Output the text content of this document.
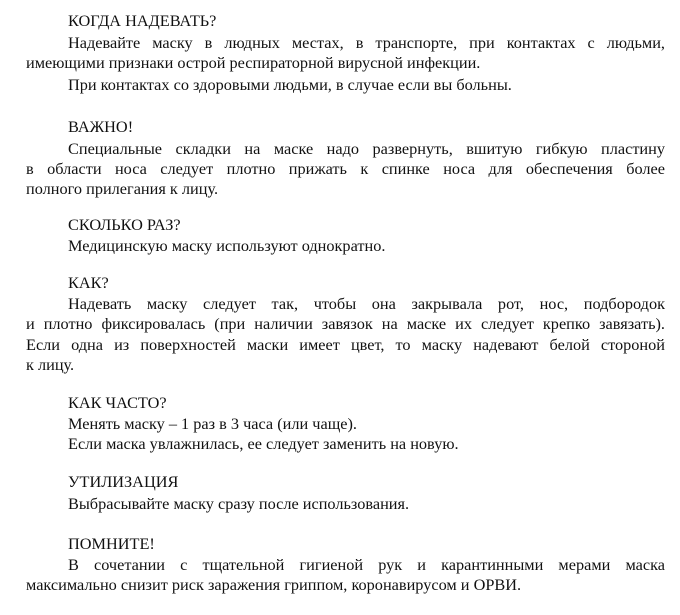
КОГДА НАДЕВАТЬ?
Надевайте маску в людных местах, в транспорте, при контактах с людьми,
имеющими признаки острой респираторной вирусной инфекции.
При контактах со здоровыми людьми, в случае если вы больны.
ВАЖНО!
Специальные складки на маске надо развернуть, вшитую гибкую пластину
в области носа следует плотно прижать к спинке носа для обеспечения более
полного прилегания к лицу.
СКОЛЬКО РАЗ?
Медицинскую маску используют однократно.
КАК?
Надевать маску следует так, чтобы она закрывала рот, нос, подбородок
и плотно фиксировалась (при наличии завязок на маске их следует крепко завязать).
Если одна из поверхностей маски имеет цвет, то маску надевают белой стороной
к лицу.
КАК ЧАСТО?
Менять маску – 1 раз в 3 часа (или чаще).
Если маска увлажнилась, ее следует заменить на новую.
УТИЛИЗАЦИЯ
Выбрасывайте маску сразу после использования.
ПОМНИТЕ!
В сочетании с тщательной гигиеной рук и карантинными мерами маска
максимально снизит риск заражения гриппом, коронавирусом и ОРВИ.
